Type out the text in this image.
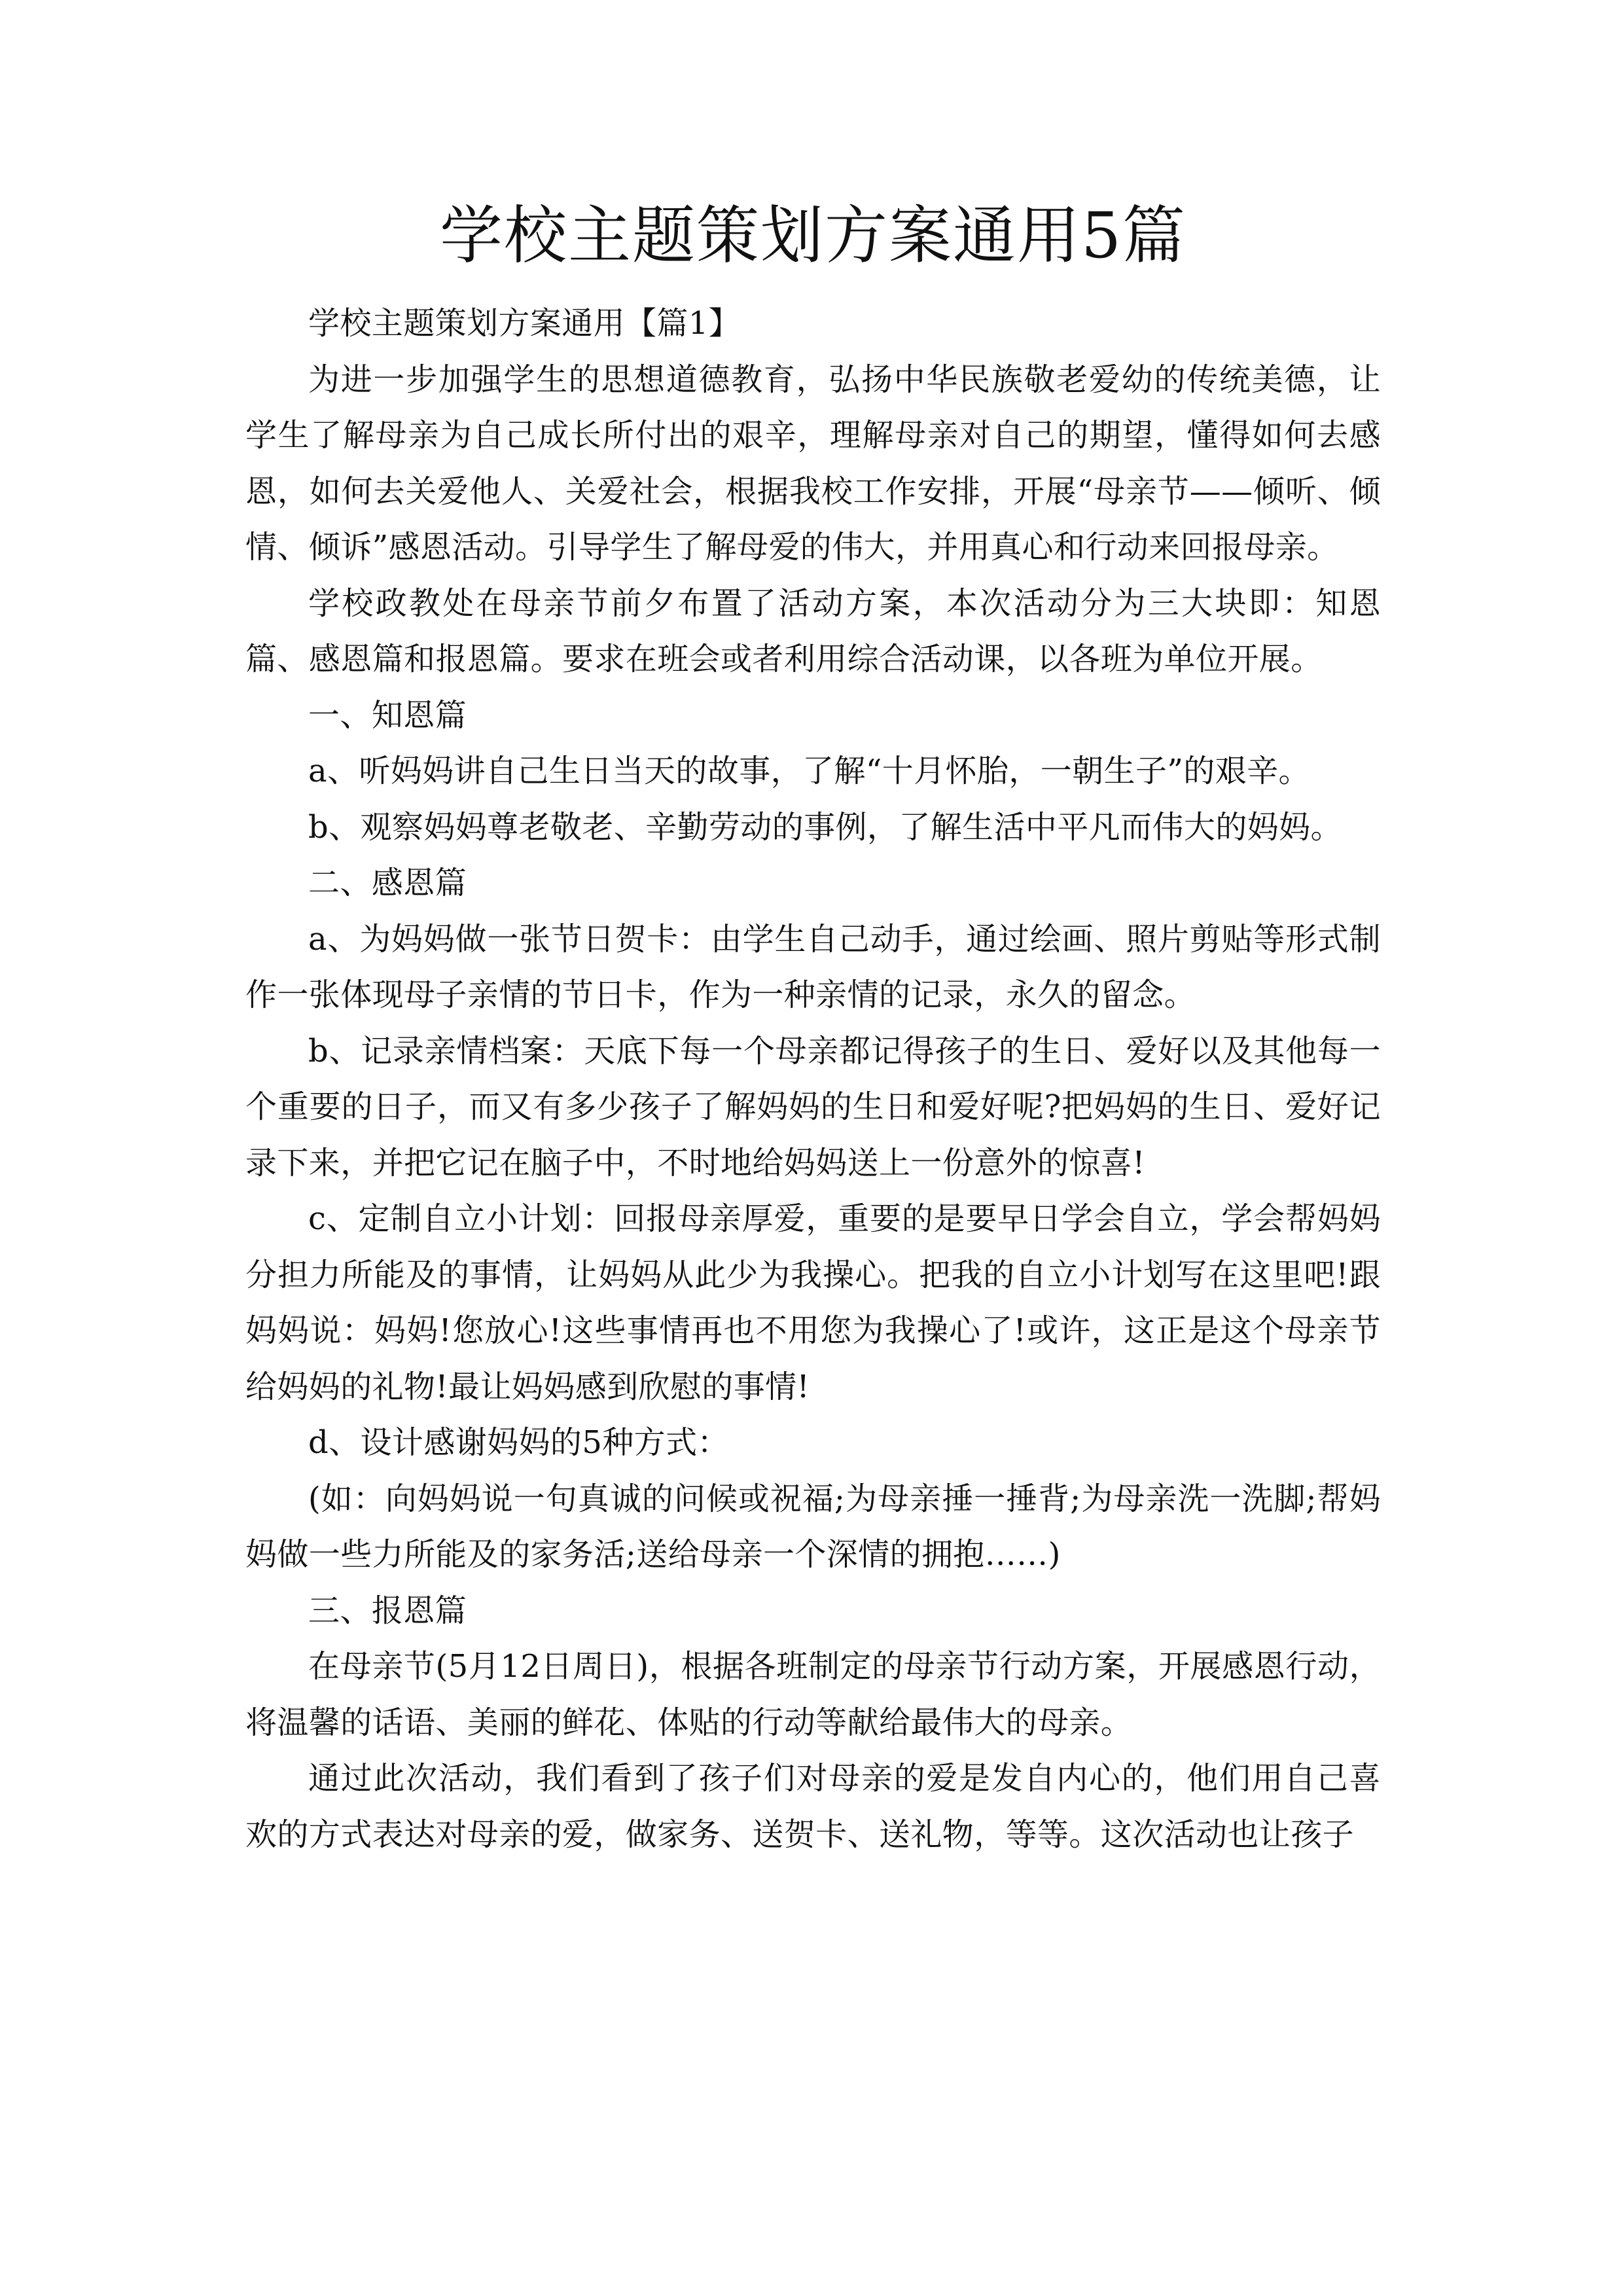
学校主题策划方案通用5篇

学校主题策划方案通用【篇1】

为进一步加强学生的思想道德教育，弘扬中华民族敬老爱幼的传统美德，让学生了解母亲为自己成长所付出的艰辛，理解母亲对自己的期望，懂得如何去感恩，如何去关爱他人、关爱社会，根据我校工作安排，开展“母亲节——倾听、倾情、倾诉”感恩活动。引导学生了解母爱的伟大，并用真心和行动来回报母亲。

学校政教处在母亲节前夕布置了活动方案，本次活动分为三大块即：知恩篇、感恩篇和报恩篇。要求在班会或者利用综合活动课，以各班为单位开展。

一、知恩篇

a、听妈妈讲自己生日当天的故事，了解“十月怀胎，一朝生子”的艰辛。

b、观察妈妈尊老敬老、辛勤劳动的事例，了解生活中平凡而伟大的妈妈。

二、感恩篇

a、为妈妈做一张节日贺卡：由学生自己动手，通过绘画、照片剪贴等形式制作一张体现母子亲情的节日卡，作为一种亲情的记录，永久的留念。

b、记录亲情档案：天底下每一个母亲都记得孩子的生日、爱好以及其他每一个重要的日子，而又有多少孩子了解妈妈的生日和爱好呢?把妈妈的生日、爱好记录下来，并把它记在脑子中，不时地给妈妈送上一份意外的惊喜!

c、定制自立小计划：回报母亲厚爱，重要的是要早日学会自立，学会帮妈妈分担力所能及的事情，让妈妈从此少为我操心。把我的自立小计划写在这里吧!跟妈妈说：妈妈!您放心!这些事情再也不用您为我操心了!或许，这正是这个母亲节给妈妈的礼物!最让妈妈感到欣慰的事情!

d、设计感谢妈妈的5种方式：

(如：向妈妈说一句真诚的问候或祝福;为母亲捶一捶背;为母亲洗一洗脚;帮妈妈做一些力所能及的家务活;送给母亲一个深情的拥抱……)

三、报恩篇

在母亲节(5月12日周日)，根据各班制定的母亲节行动方案，开展感恩行动，将温馨的话语、美丽的鲜花、体贴的行动等献给最伟大的母亲。

通过此次活动，我们看到了孩子们对母亲的爱是发自内心的，他们用自己喜欢的方式表达对母亲的爱，做家务、送贺卡、送礼物，等等。这次活动也让孩子
